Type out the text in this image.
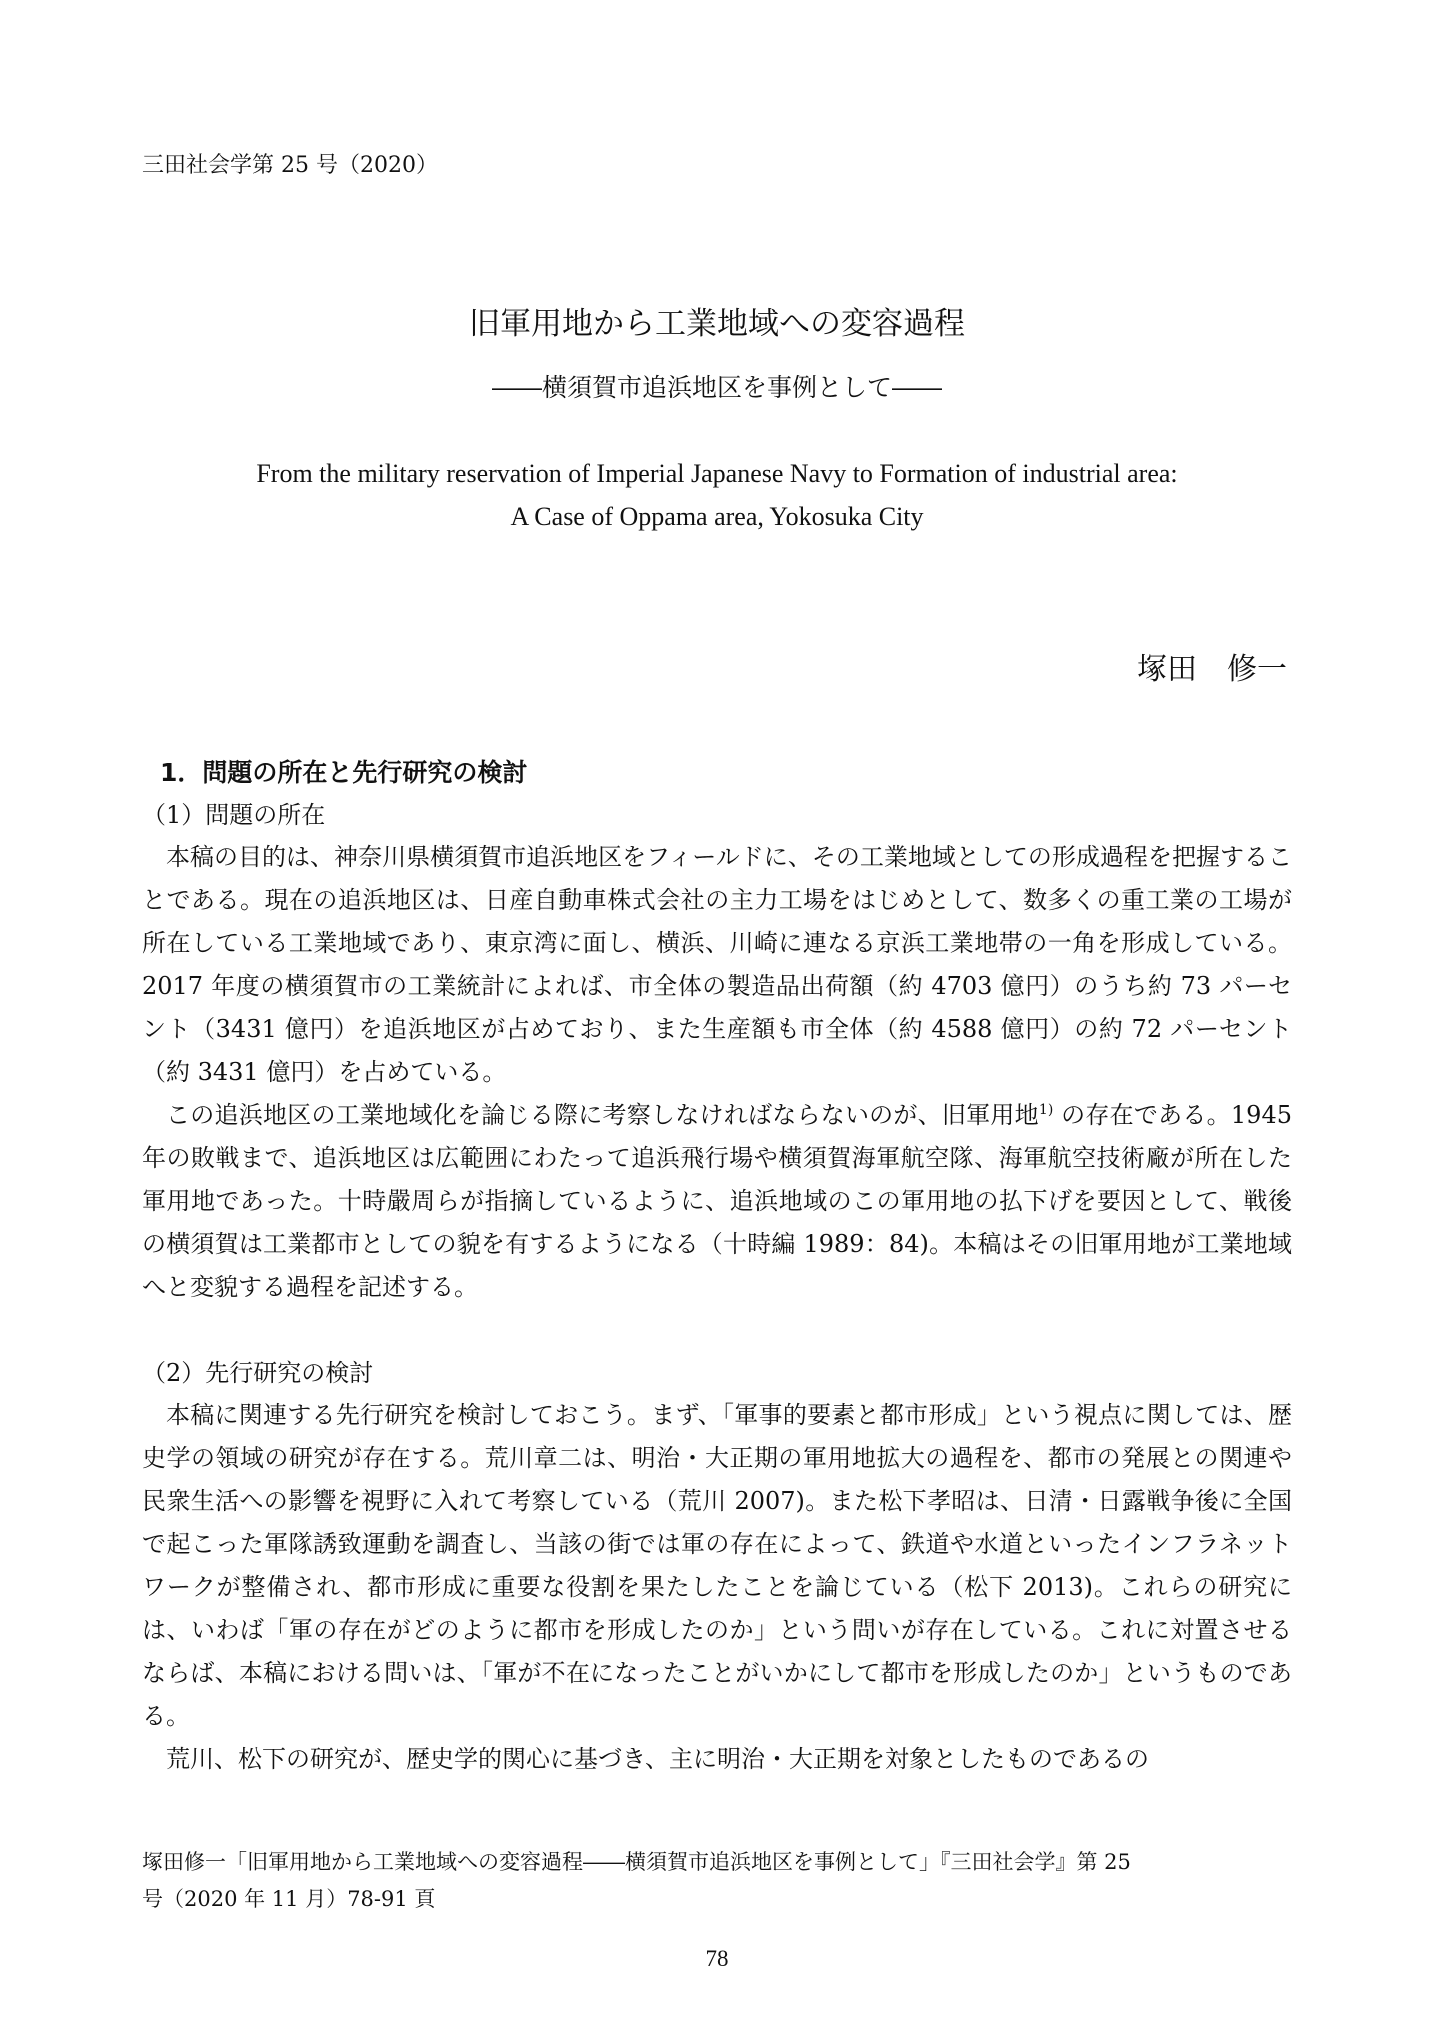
三田社会学第 25 号（2020）
旧軍用地から工業地域への変容過程
――横須賀市追浜地区を事例として――
From the military reservation of Imperial Japanese Navy to Formation of industrial area:
A Case of Oppama area, Yokosuka City
塚田　修一
1．問題の所在と先行研究の検討
（1）問題の所在

本稿の目的は、神奈川県横須賀市追浜地区をフィールドに、その工業地域としての形成過程を把握することである。現在の追浜地区は、日産自動車株式会社の主力工場をはじめとして、数多くの重工業の工場が所在している工業地域であり、東京湾に面し、横浜、川崎に連なる京浜工業地帯の一角を形成している。2017 年度の横須賀市の工業統計によれば、市全体の製造品出荷額（約 4703 億円）のうち約 73 パーセント（3431 億円）を追浜地区が占めており、また生産額も市全体（約 4588 億円）の約 72 パーセント（約 3431 億円）を占めている。

この追浜地区の工業地域化を論じる際に考察しなければならないのが、旧軍用地$^{1)}$ の存在である。1945 年の敗戦まで、追浜地区は広範囲にわたって追浜飛行場や横須賀海軍航空隊、海軍航空技術廠が所在した軍用地であった。十時嚴周らが指摘しているように、追浜地域のこの軍用地の払下げを要因として、戦後の横須賀は工業都市としての貌を有するようになる（十時編 1989：84)。本稿はその旧軍用地が工業地域へと変貌する過程を記述する。

（2）先行研究の検討

本稿に関連する先行研究を検討しておこう。まず、「軍事的要素と都市形成」という視点に関しては、歴史学の領域の研究が存在する。荒川章二は、明治・大正期の軍用地拡大の過程を、都市の発展との関連や民衆生活への影響を視野に入れて考察している（荒川 2007)。また松下孝昭は、日清・日露戦争後に全国で起こった軍隊誘致運動を調査し、当該の街では軍の存在によって、鉄道や水道といったインフラネットワークが整備され、都市形成に重要な役割を果たしたことを論じている（松下 2013)。これらの研究には、いわば「軍の存在がどのように都市を形成したのか」という問いが存在している。これに対置させるならば、本稿における問いは、「軍が不在になったことがいかにして都市を形成したのか」というものである。

荒川、松下の研究が、歴史学的関心に基づき、主に明治・大正期を対象としたものであるの

塚田修一「旧軍用地から工業地域への変容過程――横須賀市追浜地区を事例として」『三田社会学』第 25
号（2020 年 11 月）78-91 頁
78
